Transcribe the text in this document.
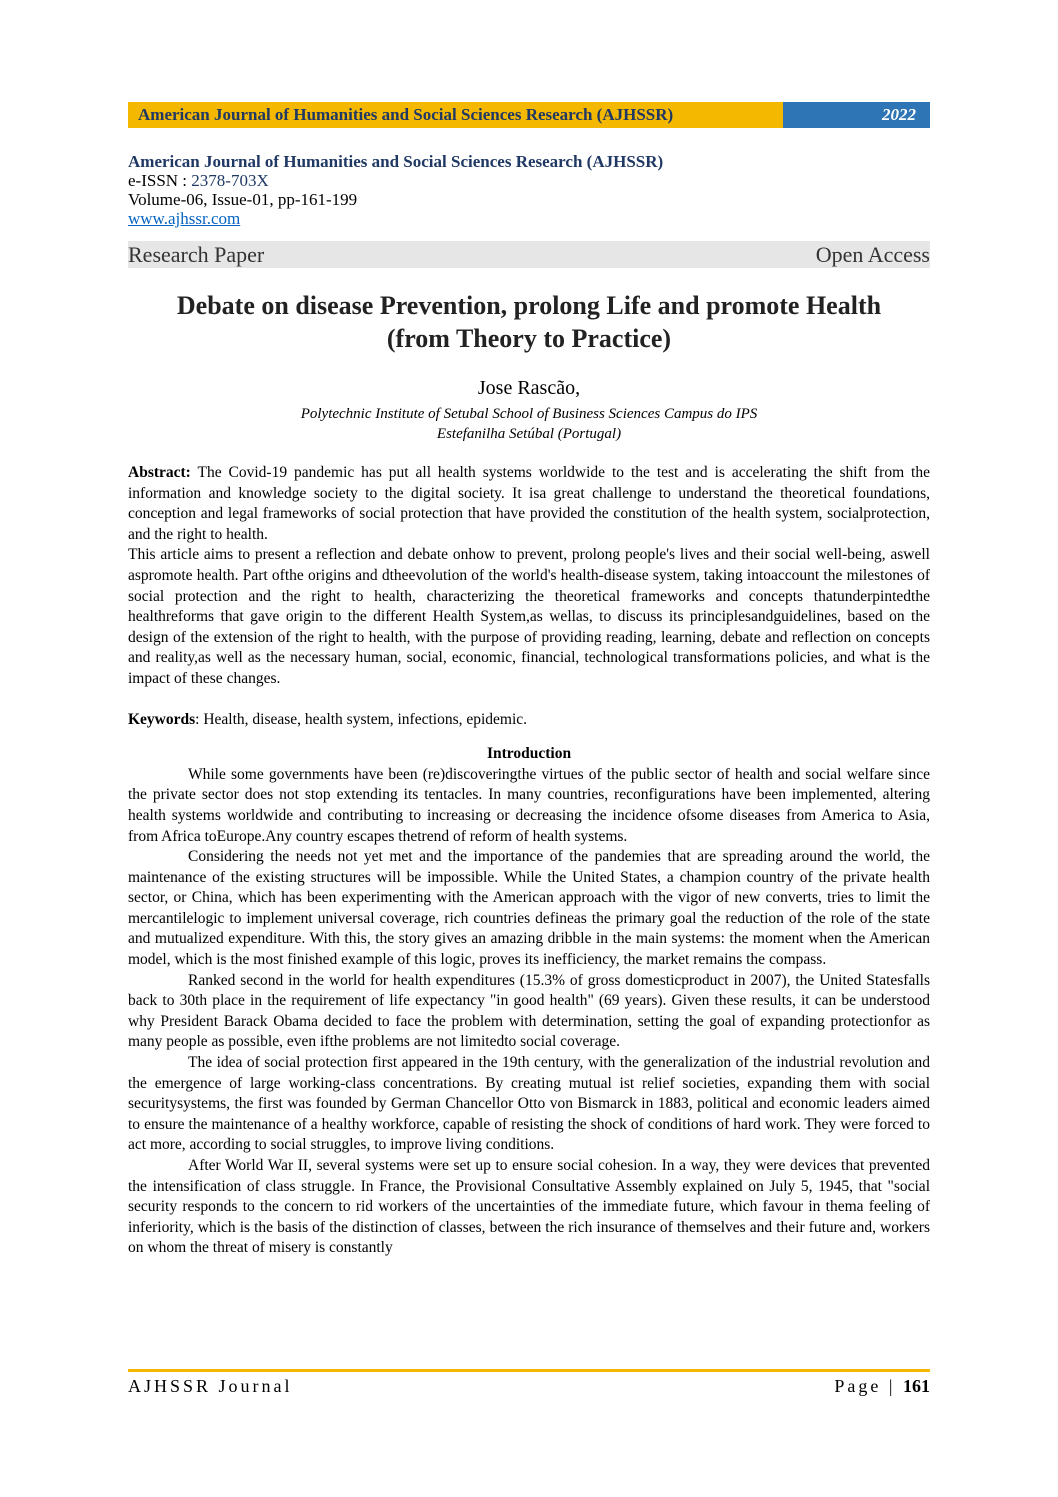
American Journal of Humanities and Social Sciences Research (AJHSSR)	2022
American Journal of Humanities and Social Sciences Research (AJHSSR)
e-ISSN : 2378-703X
Volume-06, Issue-01, pp-161-199
www.ajhssr.com
Research Paper	Open Access
Debate on disease Prevention, prolong Life and promote Health
(from Theory to Practice)
Jose Rascão,
Polytechnic Institute of Setubal School of Business Sciences Campus do IPS
Estefanilha Setúbal (Portugal)

Abstract: The Covid-19 pandemic has put all health systems worldwide to the test and is accelerating the shift from the information and knowledge society to the digital society. It isa great challenge to understand the theoretical foundations, conception and legal frameworks of social protection that have provided the constitution of the health system, socialprotection, and the right to health.

This article aims to present a reflection and debate onhow to prevent, prolong people's lives and their social well-being, aswell aspromote health. Part ofthe origins and dtheevolution of the world's health-disease system, taking intoaccount the milestones of social protection and the right to health, characterizing the theoretical frameworks and concepts thatunderpintedthe healthreforms that gave origin to the different Health System,as wellas, to discuss its principlesandguidelines, based on the design of the extension of the right to health, with the purpose of providing reading, learning, debate and reflection on concepts and reality,as well as the necessary human, social, economic, financial, technological transformations policies, and what is the impact of these changes.

Keywords: Health, disease, health system, infections, epidemic.

Introduction

While some governments have been (re)discoveringthe virtues of the public sector of health and social welfare since the private sector does not stop extending its tentacles. In many countries, reconfigurations have been implemented, altering health systems worldwide and contributing to increasing or decreasing the incidence ofsome diseases from America to Asia, from Africa toEurope.Any country escapes thetrend of reform of health systems.

Considering the needs not yet met and the importance of the pandemies that are spreading around the world, the maintenance of the existing structures will be impossible. While the United States, a champion country of the private health sector, or China, which has been experimenting with the American approach with the vigor of new converts, tries to limit the mercantilelogic to implement universal coverage, rich countries defineas the primary goal the reduction of the role of the state and mutualized expenditure. With this, the story gives an amazing dribble in the main systems: the moment when the American model, which is the most finished example of this logic, proves its inefficiency, the market remains the compass.

Ranked second in the world for health expenditures (15.3% of gross domesticproduct in 2007), the United Statesfalls back to 30th place in the requirement of life expectancy "in good health" (69 years). Given these results, it can be understood why President Barack Obama decided to face the problem with determination, setting the goal of expanding protectionfor as many people as possible, even ifthe problems are not limitedto social coverage.

The idea of social protection first appeared in the 19th century, with the generalization of the industrial revolution and the emergence of large working-class concentrations. By creating mutual ist relief societies, expanding them with social securitysystems, the first was founded by German Chancellor Otto von Bismarck in 1883, political and economic leaders aimed to ensure the maintenance of a healthy workforce, capable of resisting the shock of conditions of hard work. They were forced to act more, according to social struggles, to improve living conditions.

After World War II, several systems were set up to ensure social cohesion. In a way, they were devices that prevented the intensification of class struggle. In France, the Provisional Consultative Assembly explained on July 5, 1945, that "social security responds to the concern to rid workers of the uncertainties of the immediate future, which favour in thema feeling of inferiority, which is the basis of the distinction of classes, between the rich insurance of themselves and their future and, workers on whom the threat of misery is constantly

AJHSSR Journal	Page | 161
